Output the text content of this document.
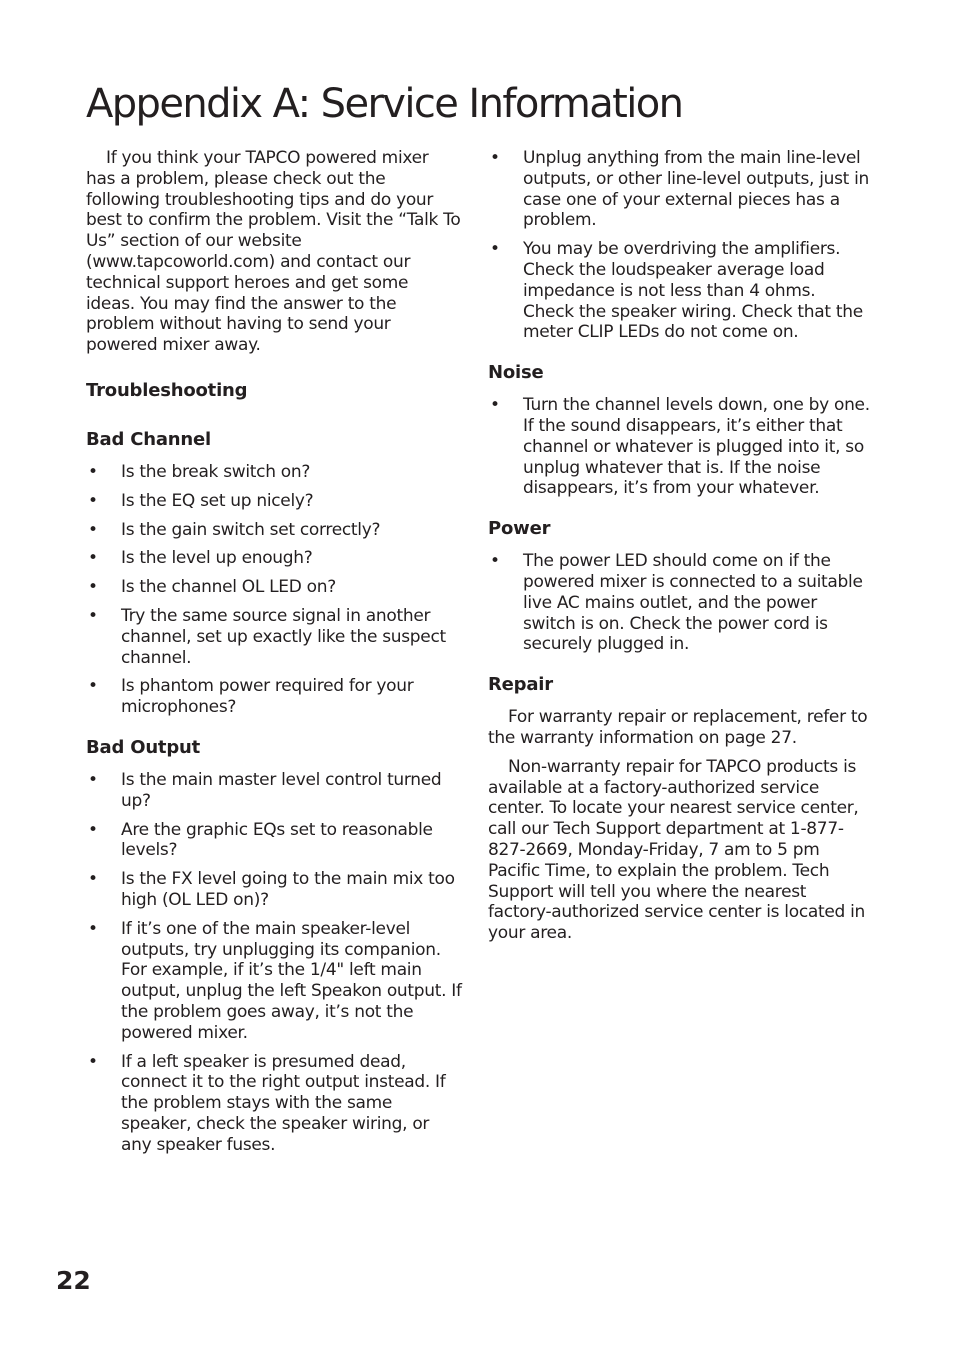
Appendix A: Service Information

If you think your TAPCO powered mixer has a problem, please check out the following troubleshooting tips and do your best to confirm the problem. Visit the “Talk To Us” section of our website (www.tapcoworld.com) and contact our technical support heroes and get some ideas. You may find the answer to the problem without having to send your powered mixer away.

Troubleshooting
Bad Channel
• Is the break switch on?
• Is the EQ set up nicely?
• Is the gain switch set correctly?
• Is the level up enough?
• Is the channel OL LED on?
• Try the same source signal in another channel, set up exactly like the suspect channel.
• Is phantom power required for your microphones?
Bad Output
• Is the main master level control turned up?
• Are the graphic EQs set to reasonable levels?
• Is the FX level going to the main mix too high (OL LED on)?
• If it’s one of the main speaker-level outputs, try unplugging its companion. For example, if it’s the 1/4" left main output, unplug the left Speakon output. If the problem goes away, it’s not the powered mixer.
• If a left speaker is presumed dead, connect it to the right output instead. If the problem stays with the same speaker, check the speaker wiring, or any speaker fuses.
• Unplug anything from the main line-level outputs, or other line-level outputs, just in case one of your external pieces has a problem.
• You may be overdriving the amplifiers. Check the loudspeaker average load impedance is not less than 4 ohms. Check the speaker wiring. Check that the meter CLIP LEDs do not come on.
Noise
• Turn the channel levels down, one by one. If the sound disappears, it’s either that channel or whatever is plugged into it, so unplug whatever that is. If the noise disappears, it’s from your whatever.
Power
• The power LED should come on if the powered mixer is connected to a suitable live AC mains outlet, and the power switch is on. Check the power cord is securely plugged in.
Repair

For warranty repair or replacement, refer to the warranty information on page 27.

Non-warranty repair for TAPCO products is available at a factory-authorized service center. To locate your nearest service center, call our Tech Support department at 1-877-827-2669, Monday-Friday, 7 am to 5 pm Pacific Time, to explain the problem. Tech Support will tell you where the nearest factory-authorized service center is located in your area.

22
